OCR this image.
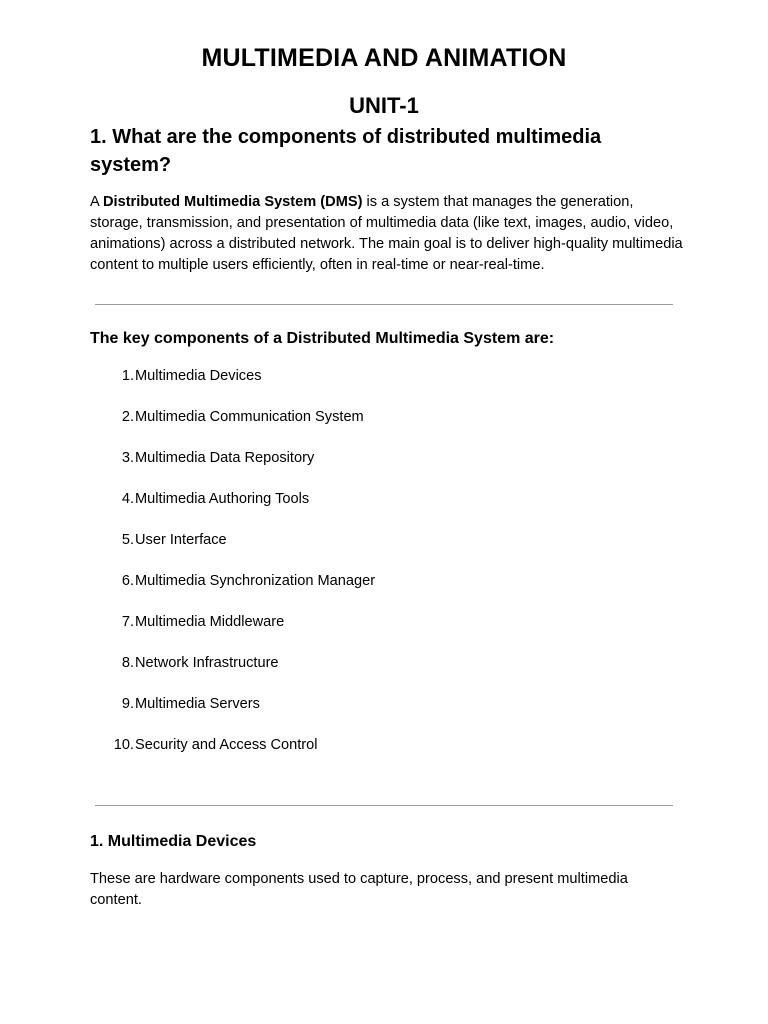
MULTIMEDIA AND ANIMATION
UNIT-1
1. What are the components of distributed multimedia system?

A Distributed Multimedia System (DMS) is a system that manages the generation, storage, transmission, and presentation of multimedia data (like text, images, audio, video, animations) across a distributed network. The main goal is to deliver high-quality multimedia content to multiple users efficiently, often in real-time or near-real-time.

The key components of a Distributed Multimedia System are:
1. Multimedia Devices
2. Multimedia Communication System
3. Multimedia Data Repository
4. Multimedia Authoring Tools
5. User Interface
6. Multimedia Synchronization Manager
7. Multimedia Middleware
8. Network Infrastructure
9. Multimedia Servers
10. Security and Access Control
1. Multimedia Devices

These are hardware components used to capture, process, and present multimedia content.
